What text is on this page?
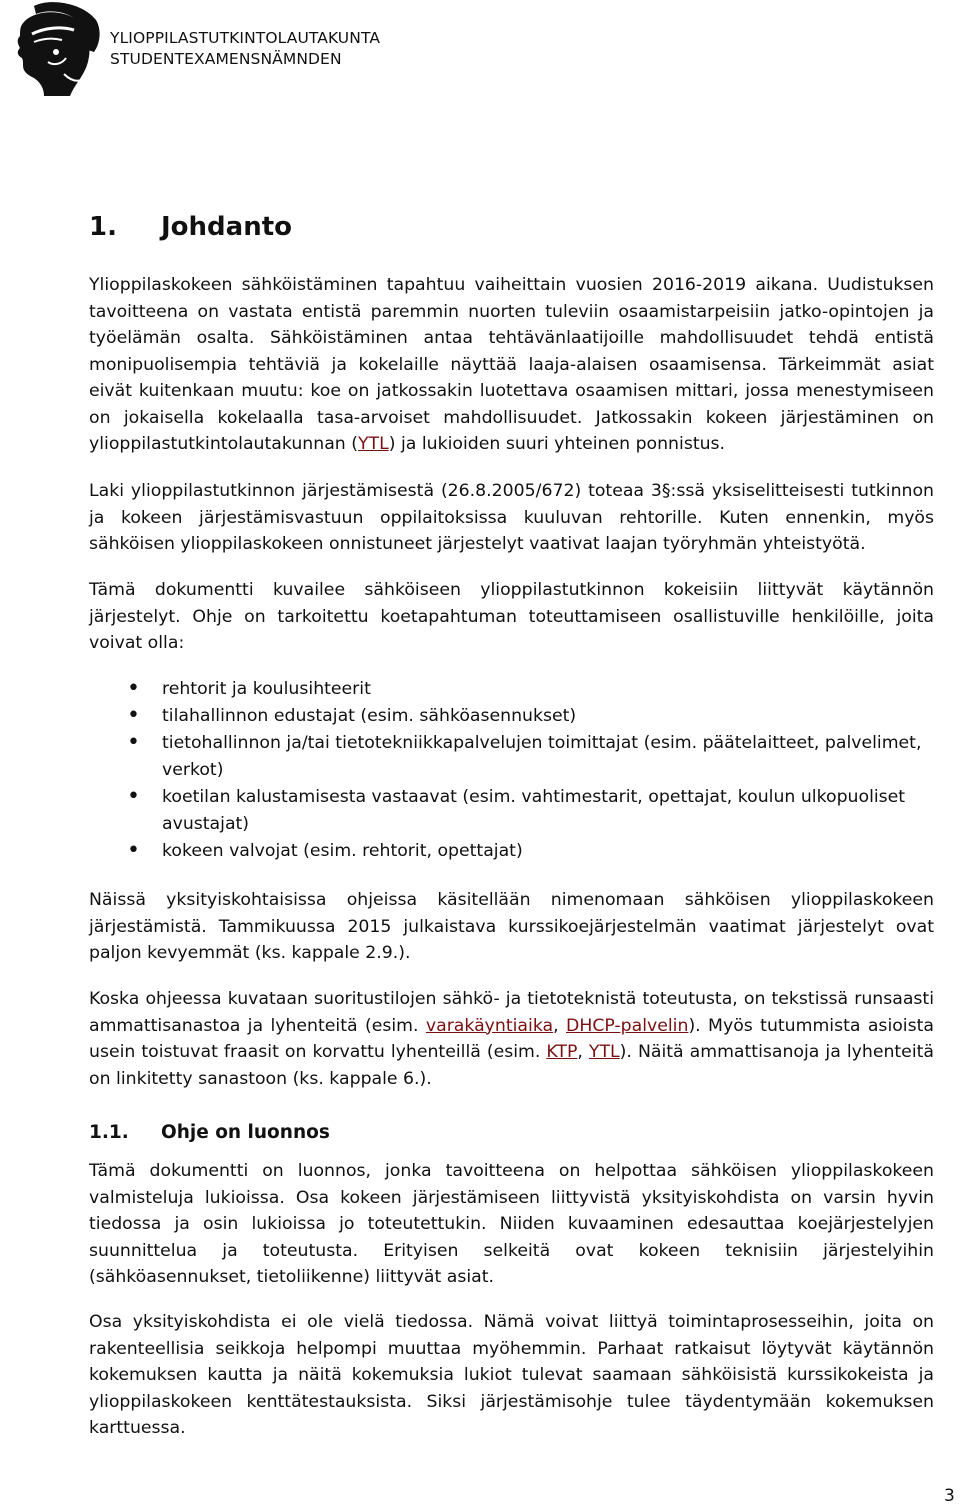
YLIOPPILASTUTKINTOLAUTAKUNTA
STUDENTEXAMENSNÄMNDEN
1. Johdanto

Ylioppilaskokeen sähköistäminen tapahtuu vaiheittain vuosien 2016-2019 aikana. Uudistuksen tavoitteena on vastata entistä paremmin nuorten tuleviin osaamistarpeisiin jatko-opintojen ja työelämän osalta. Sähköistäminen antaa tehtävänlaatijoille mahdollisuudet tehdä entistä monipuolisempia tehtäviä ja kokelaille näyttää laaja-alaisen osaamisensa. Tärkeimmät asiat eivät kuitenkaan muutu: koe on jatkossakin luotettava osaamisen mittari, jossa menestymiseen on jokaisella kokelaalla tasa-arvoiset mahdollisuudet. Jatkossakin kokeen järjestäminen on ylioppilastutkintolautakunnan (YTL) ja lukioiden suuri yhteinen ponnistus.

Laki ylioppilastutkinnon järjestämisestä (26.8.2005/672) toteaa 3§:ssä yksiselitteisesti tutkinnon ja kokeen järjestämisvastuun oppilaitoksissa kuuluvan rehtorille. Kuten ennenkin, myös sähköisen ylioppilaskokeen onnistuneet järjestelyt vaativat laajan työryhmän yhteistyötä.

Tämä dokumentti kuvailee sähköiseen ylioppilastutkinnon kokeisiin liittyvät käytännön järjestelyt. Ohje on tarkoitettu koetapahtuman toteuttamiseen osallistuville henkilöille, joita voivat olla:

• rehtorit ja koulusihteerit
• tilahallinnon edustajat (esim. sähköasennukset)
• tietohallinnon ja/tai tietotekniikkapalvelujen toimittajat (esim. päätelaitteet, palvelimet, verkot)
• koetilan kalustamisesta vastaavat (esim. vahtimestarit, opettajat, koulun ulkopuoliset avustajat)
• kokeen valvojat (esim. rehtorit, opettajat)

Näissä yksityiskohtaisissa ohjeissa käsitellään nimenomaan sähköisen ylioppilaskokeen järjestämistä. Tammikuussa 2015 julkaistava kurssikoejärjestelmän vaatimat järjestelyt ovat paljon kevyemmät (ks. kappale 2.9.).

Koska ohjeessa kuvataan suoritustilojen sähkö- ja tietoteknistä toteutusta, on tekstissä runsaasti ammattisanastoa ja lyhenteitä (esim. varakäyntiaika, DHCP-palvelin). Myös tutummista asioista usein toistuvat fraasit on korvattu lyhenteillä (esim. KTP, YTL). Näitä ammattisanoja ja lyhenteitä on linkitetty sanastoon (ks. kappale 6.).

1.1. Ohje on luonnos

Tämä dokumentti on luonnos, jonka tavoitteena on helpottaa sähköisen ylioppilaskokeen valmisteluja lukioissa. Osa kokeen järjestämiseen liittyvistä yksityiskohdista on varsin hyvin tiedossa ja osin lukioissa jo toteutettukin. Niiden kuvaaminen edesauttaa koejärjestelyjen suunnittelua ja toteutusta. Erityisen selkeitä ovat kokeen teknisiin järjestelyihin (sähköasennukset, tietoliikenne) liittyvät asiat.

Osa yksityiskohdista ei ole vielä tiedossa. Nämä voivat liittyä toimintaprosesseihin, joita on rakenteellisia seikkoja helpompi muuttaa myöhemmin. Parhaat ratkaisut löytyvät käytännön kokemuksen kautta ja näitä kokemuksia lukiot tulevat saamaan sähköisistä kurssikokeista ja ylioppilaskokeen kenttätestauksista. Siksi järjestämisohje tulee täydentymään kokemuksen karttuessa.

3
